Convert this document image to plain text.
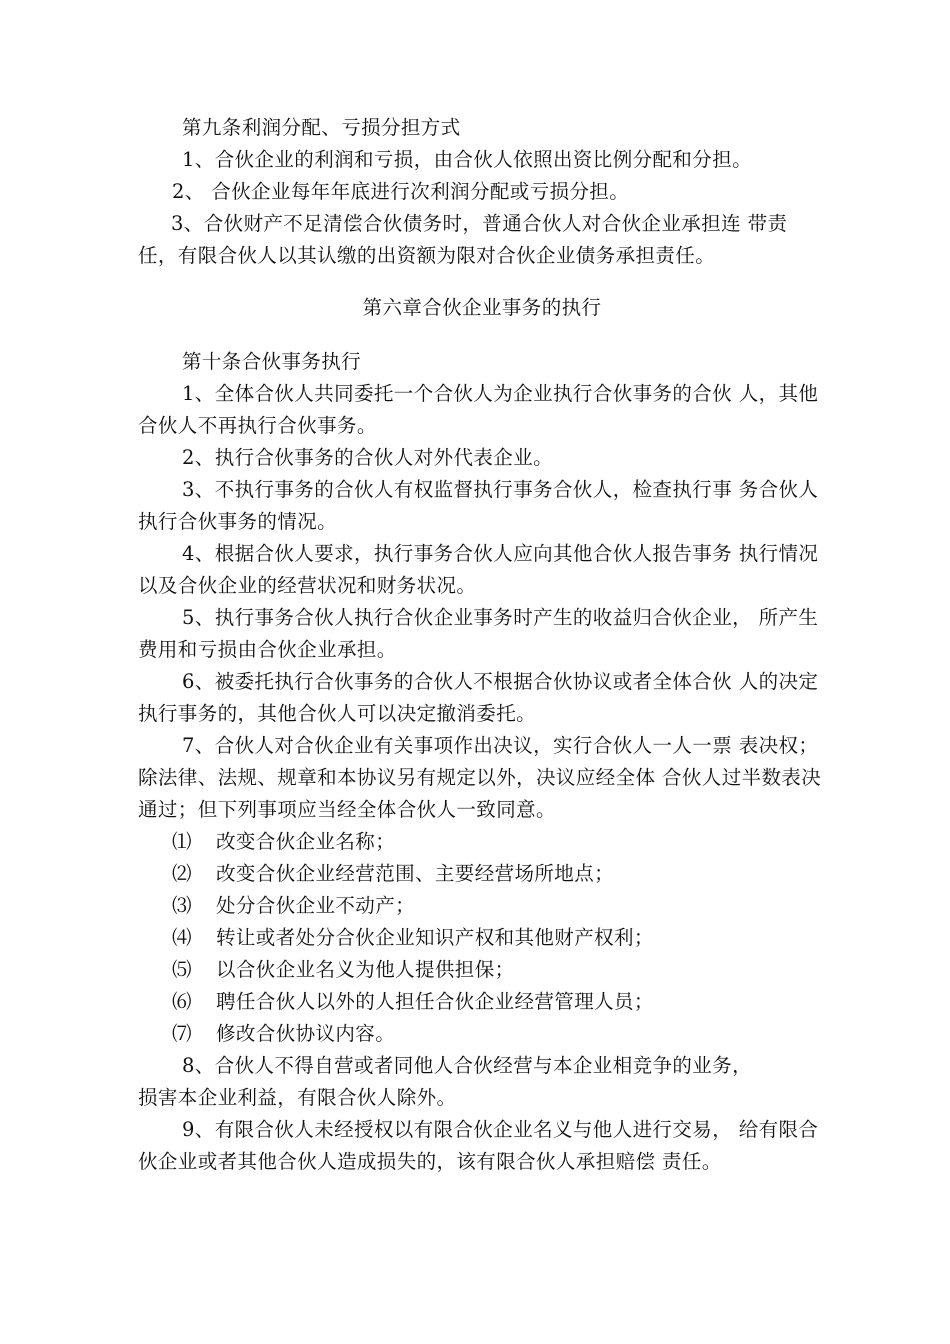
第九条利润分配、亏损分担方式

1、合伙企业的利润和亏损，由合伙人依照出资比例分配和分担。

2、 合伙企业每年年底进行次利润分配或亏损分担。

3、合伙财产不足清偿合伙债务时，普通合伙人对合伙企业承担连 带责任，有限合伙人以其认缴的出资额为限对合伙企业债务承担责任。

第六章合伙企业事务的执行

第十条合伙事务执行

1、全体合伙人共同委托一个合伙人为企业执行合伙事务的合伙 人，其他合伙人不再执行合伙事务。

2、执行合伙事务的合伙人对外代表企业。

3、不执行事务的合伙人有权监督执行事务合伙人，检查执行事 务合伙人执行合伙事务的情况。

4、根据合伙人要求，执行事务合伙人应向其他合伙人报告事务 执行情况以及合伙企业的经营状况和财务状况。

5、执行事务合伙人执行合伙企业事务时产生的收益归合伙企业， 所产生费用和亏损由合伙企业承担。

6、被委托执行合伙事务的合伙人不根据合伙协议或者全体合伙 人的决定执行事务的，其他合伙人可以决定撤消委托。

7、合伙人对合伙企业有关事项作出决议，实行合伙人一人一票 表决权；除法律、法规、规章和本协议另有规定以外，决议应经全体 合伙人过半数表决通过；但下列事项应当经全体合伙人一致同意。

⑴ 改变合伙企业名称；

⑵ 改变合伙企业经营范围、主要经营场所地点；

⑶ 处分合伙企业不动产；

⑷ 转让或者处分合伙企业知识产权和其他财产权利；

⑸ 以合伙企业名义为他人提供担保；

⑹ 聘任合伙人以外的人担任合伙企业经营管理人员；

⑺ 修改合伙协议内容。

8、合伙人不得自营或者同他人合伙经营与本企业相竞争的业务，

损害本企业利益，有限合伙人除外。

9、有限合伙人未经授权以有限合伙企业名义与他人进行交易， 给有限合伙企业或者其他合伙人造成损失的，该有限合伙人承担赔偿 责任。
